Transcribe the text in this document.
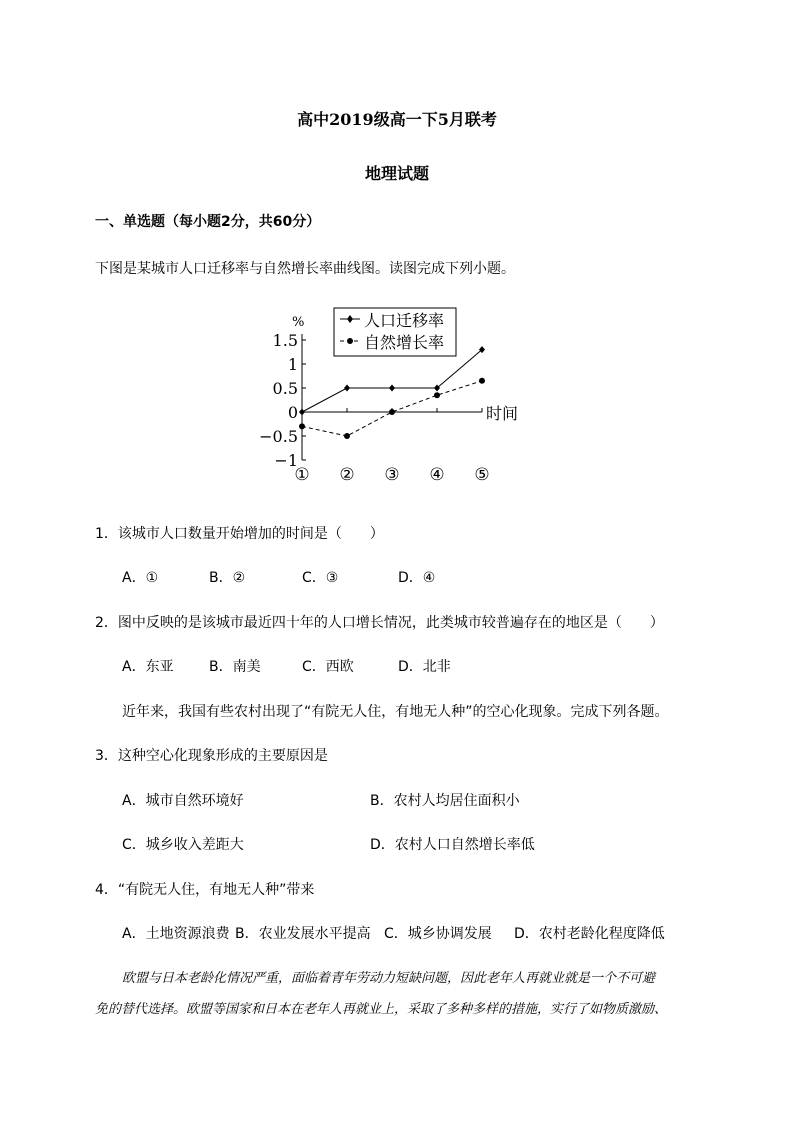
高中2019级高一下5月联考
地理试题
一、单选题（每小题2分，共60分）
下图是某城市人口迁移率与自然增长率曲线图。读图完成下列小题。
人口迁移率
自然增长率
%
时间
1.5
1
0.5
0
−0.5
−1
① ② ③ ④ ⑤
1．该城市人口数量开始增加的时间是（　　）
A．①	B．②	C．③	D．④
2．图中反映的是该城市最近四十年的人口增长情况，此类城市较普遍存在的地区是（　　）
A．东亚	B．南美	C．西欧	D．北非
近年来，我国有些农村出现了“有院无人住，有地无人种”的空心化现象。完成下列各题。
3．这种空心化现象形成的主要原因是
A．城市自然环境好	B．农村人均居住面积小
C．城乡收入差距大	D．农村人口自然增长率低
4．“有院无人住，有地无人种”带来
A．土地资源浪费 B．农业发展水平提高 C．城乡协调发展 D．农村老龄化程度降低
欧盟与日本老龄化情况严重，面临着青年劳动力短缺问题，因此老年人再就业就是一个不可避
免的替代选择。欧盟等国家和日本在老年人再就业上，采取了多种多样的措施，实行了如物质激励、
